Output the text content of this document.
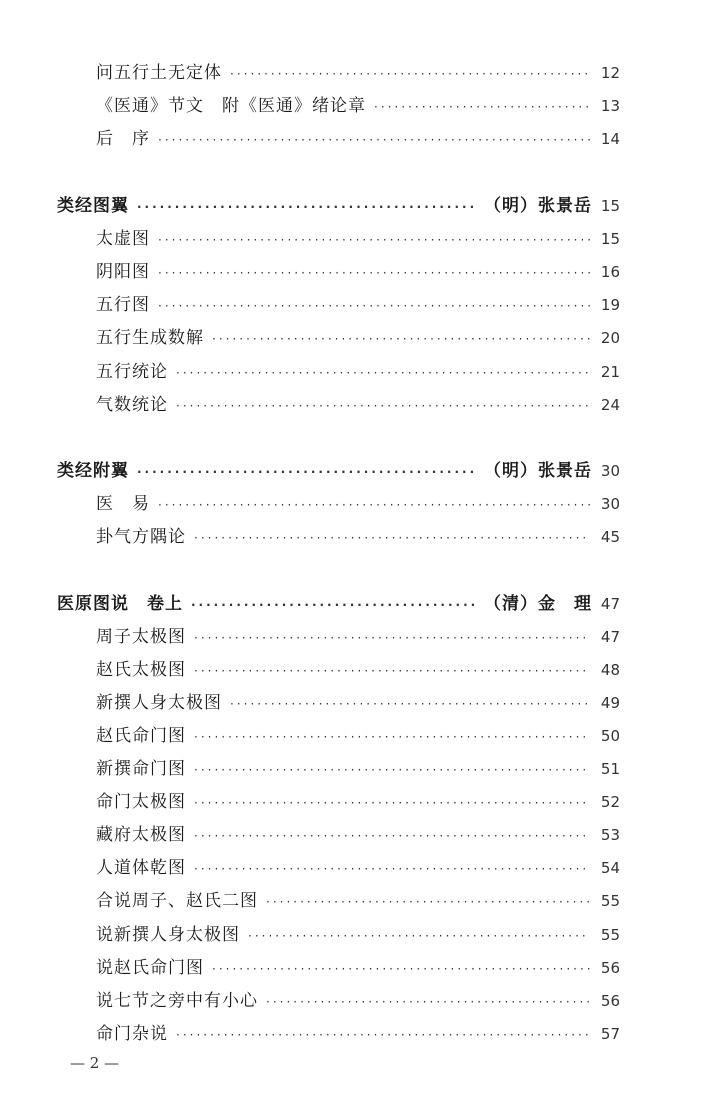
问五行土无定体 ·····	12
《医通》节文　附《医通》绪论章 ·····	13
后　序 ·····	14
类经图翼 ·····	（明）张景岳 15
太虚图 ·····	15
阴阳图 ·····	16
五行图 ·····	19
五行生成数解 ·····	20
五行统论 ·····	21
气数统论 ·····	24
类经附翼 ·····	（明）张景岳 30
医　易 ·····	30
卦气方隅论 ·····	45
医原图说　卷上 ·····	（清）金　理 47
周子太极图 ·····	47
赵氏太极图 ·····	48
新撰人身太极图 ·····	49
赵氏命门图 ·····	50
新撰命门图 ·····	51
命门太极图 ·····	52
藏府太极图 ·····	53
人道体乾图 ·····	54
合说周子、赵氏二图 ·····	55
说新撰人身太极图 ·····	55
说赵氏命门图 ·····	56
说七节之旁中有小心 ·····	56
命门杂说 ·····	57
— 2 —
